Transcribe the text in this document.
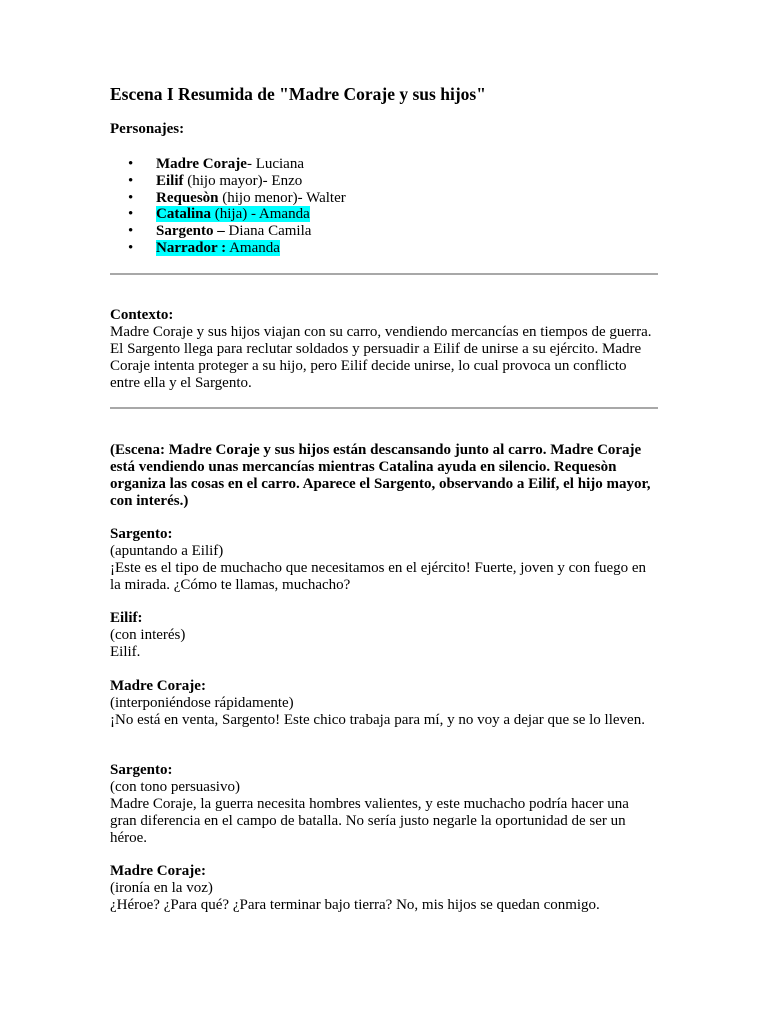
Escena I Resumida de "Madre Coraje y sus hijos"
Personajes:
• Madre Coraje- Luciana
• Eilif (hijo mayor)- Enzo
• Requesòn (hijo menor)- Walter
• Catalina (hija) - Amanda
• Sargento – Diana Camila
• Narrador : Amanda

Contexto:

Madre Coraje y sus hijos viajan con su carro, vendiendo mercancías en tiempos de guerra. El Sargento llega para reclutar soldados y persuadir a Eilif de unirse a su ejército. Madre Coraje intenta proteger a su hijo, pero Eilif decide unirse, lo cual provoca un conflicto entre ella y el Sargento.

(Escena: Madre Coraje y sus hijos están descansando junto al carro. Madre Coraje está vendiendo unas mercancías mientras Catalina ayuda en silencio. Requesòn organiza las cosas en el carro. Aparece el Sargento, observando a Eilif, el hijo mayor, con interés.)

Sargento:

(apuntando a Eilif)

¡Este es el tipo de muchacho que necesitamos en el ejército! Fuerte, joven y con fuego en la mirada. ¿Cómo te llamas, muchacho?

Eilif:

(con interés)

Eilif.

Madre Coraje:

(interponiéndose rápidamente)

¡No está en venta, Sargento! Este chico trabaja para mí, y no voy a dejar que se lo lleven.

Sargento:

(con tono persuasivo)

Madre Coraje, la guerra necesita hombres valientes, y este muchacho podría hacer una gran diferencia en el campo de batalla. No sería justo negarle la oportunidad de ser un héroe.

Madre Coraje:

(ironía en la voz)

¿Héroe? ¿Para qué? ¿Para terminar bajo tierra? No, mis hijos se quedan conmigo.
